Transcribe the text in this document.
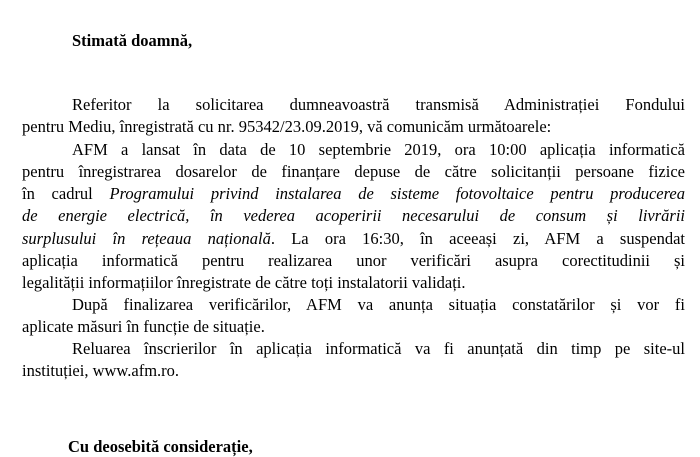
Stimată doamnă,
Referitor la solicitarea dumneavoastră transmisă Administrației Fondului
pentru Mediu, înregistrată cu nr. 95342/23.09.2019, vă comunicăm următoarele:
AFM a lansat în data de 10 septembrie 2019, ora 10:00 aplicația informatică
pentru înregistrarea dosarelor de finanțare depuse de către solicitanții persoane fizice
în cadrul Programului privind instalarea de sisteme fotovoltaice pentru producerea
de energie electrică, în vederea acoperirii necesarului de consum și livrării
surplusului în rețeaua națională. La ora 16:30, în aceeași zi, AFM a suspendat
aplicația informatică pentru realizarea unor verificări asupra corectitudinii și
legalității informațiilor înregistrate de către toți instalatorii validați.
După finalizarea verificărilor, AFM va anunța situația constatărilor și vor fi
aplicate măsuri în funcție de situație.
Reluarea înscrierilor în aplicația informatică va fi anunțată din timp pe site-ul
instituției, www.afm.ro.
Cu deosebită considerație,
